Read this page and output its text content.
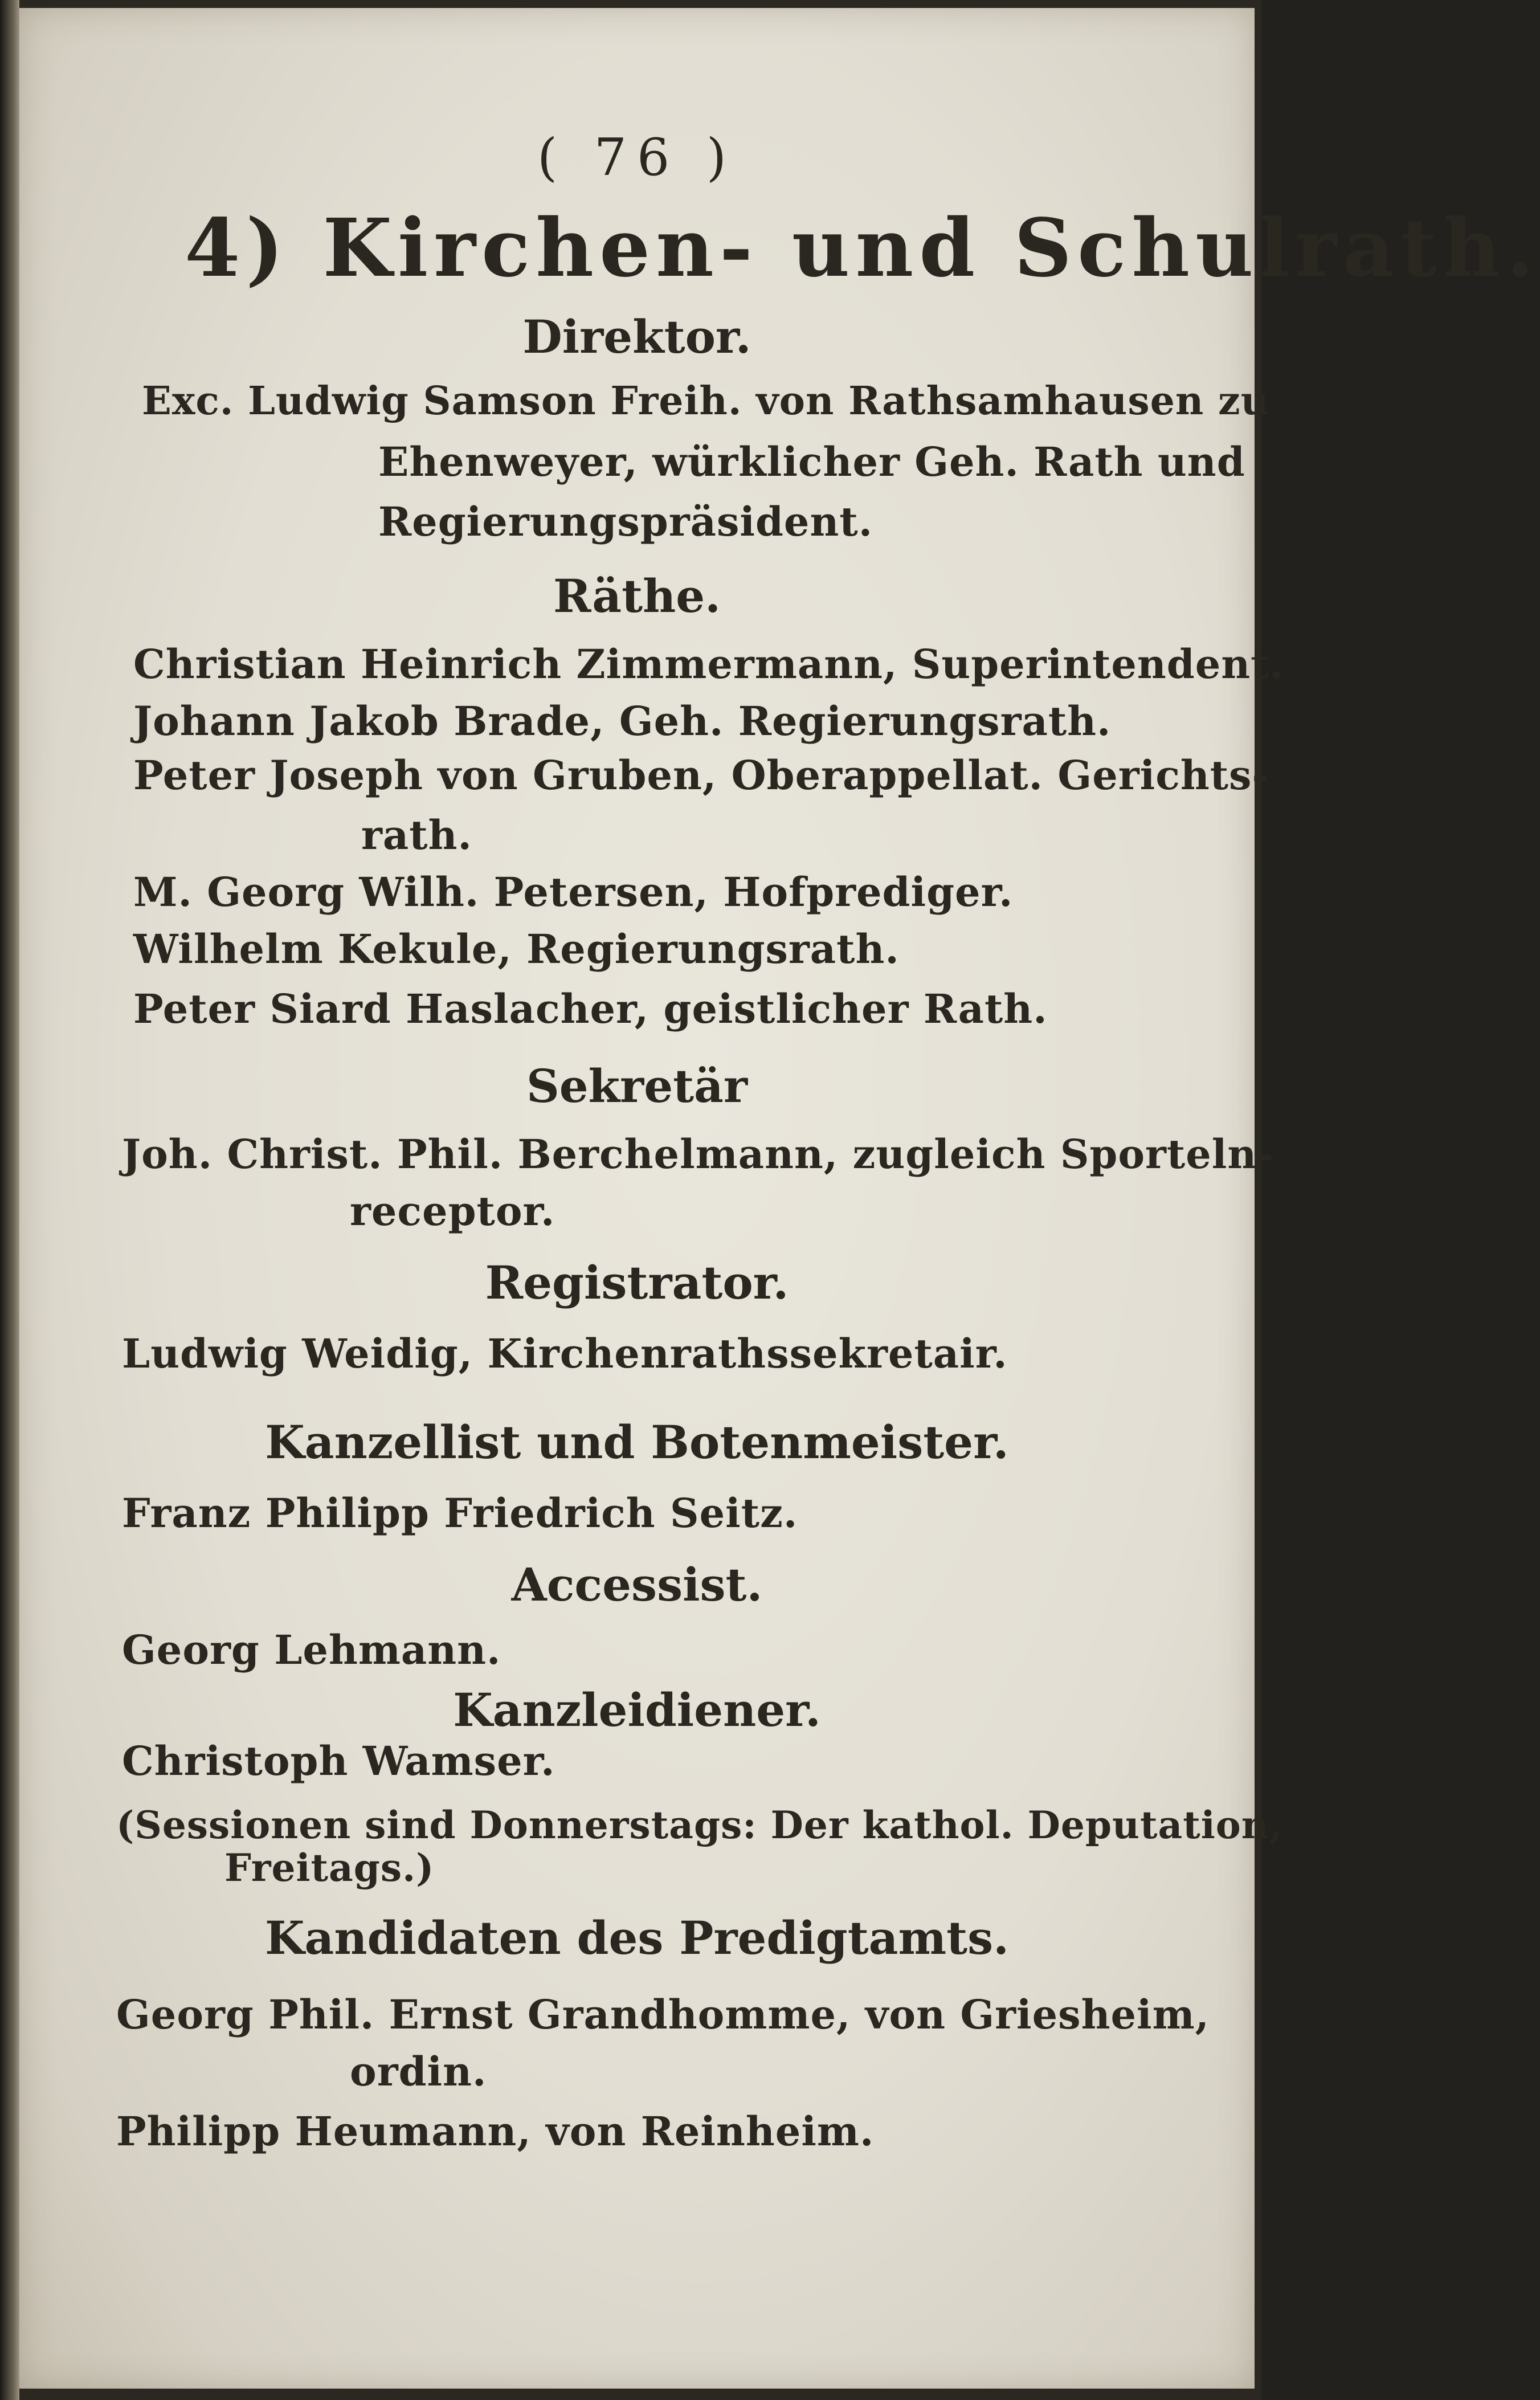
( 76 )
4) Kirchen- und Schulrath.
Direktor.
Exc. Ludwig Samson Freih. von Rathsamhausen zu
Ehenweyer, würklicher Geh. Rath und
Regierungspräsident.
Räthe.
Christian Heinrich Zimmermann, Superintendent.
Johann Jakob Brade, Geh. Regierungsrath.
Peter Joseph von Gruben, Oberappellat. Gerichts-
rath.
M. Georg Wilh. Petersen, Hofprediger.
Wilhelm Kekule, Regierungsrath.
Peter Siard Haslacher, geistlicher Rath.
Sekretär
Joh. Christ. Phil. Berchelmann, zugleich Sporteln-
receptor.
Registrator.
Ludwig Weidig, Kirchenrathssekretair.
Kanzellist und Botenmeister.
Franz Philipp Friedrich Seitz.
Accessist.
Georg Lehmann.
Kanzleidiener.
Christoph Wamser.
(Sessionen sind Donnerstags: Der kathol. Deputation,
Freitags.)
Kandidaten des Predigtamts.
Georg Phil. Ernst Grandhomme, von Griesheim,
ordin.
Philipp Heumann, von Reinheim.
